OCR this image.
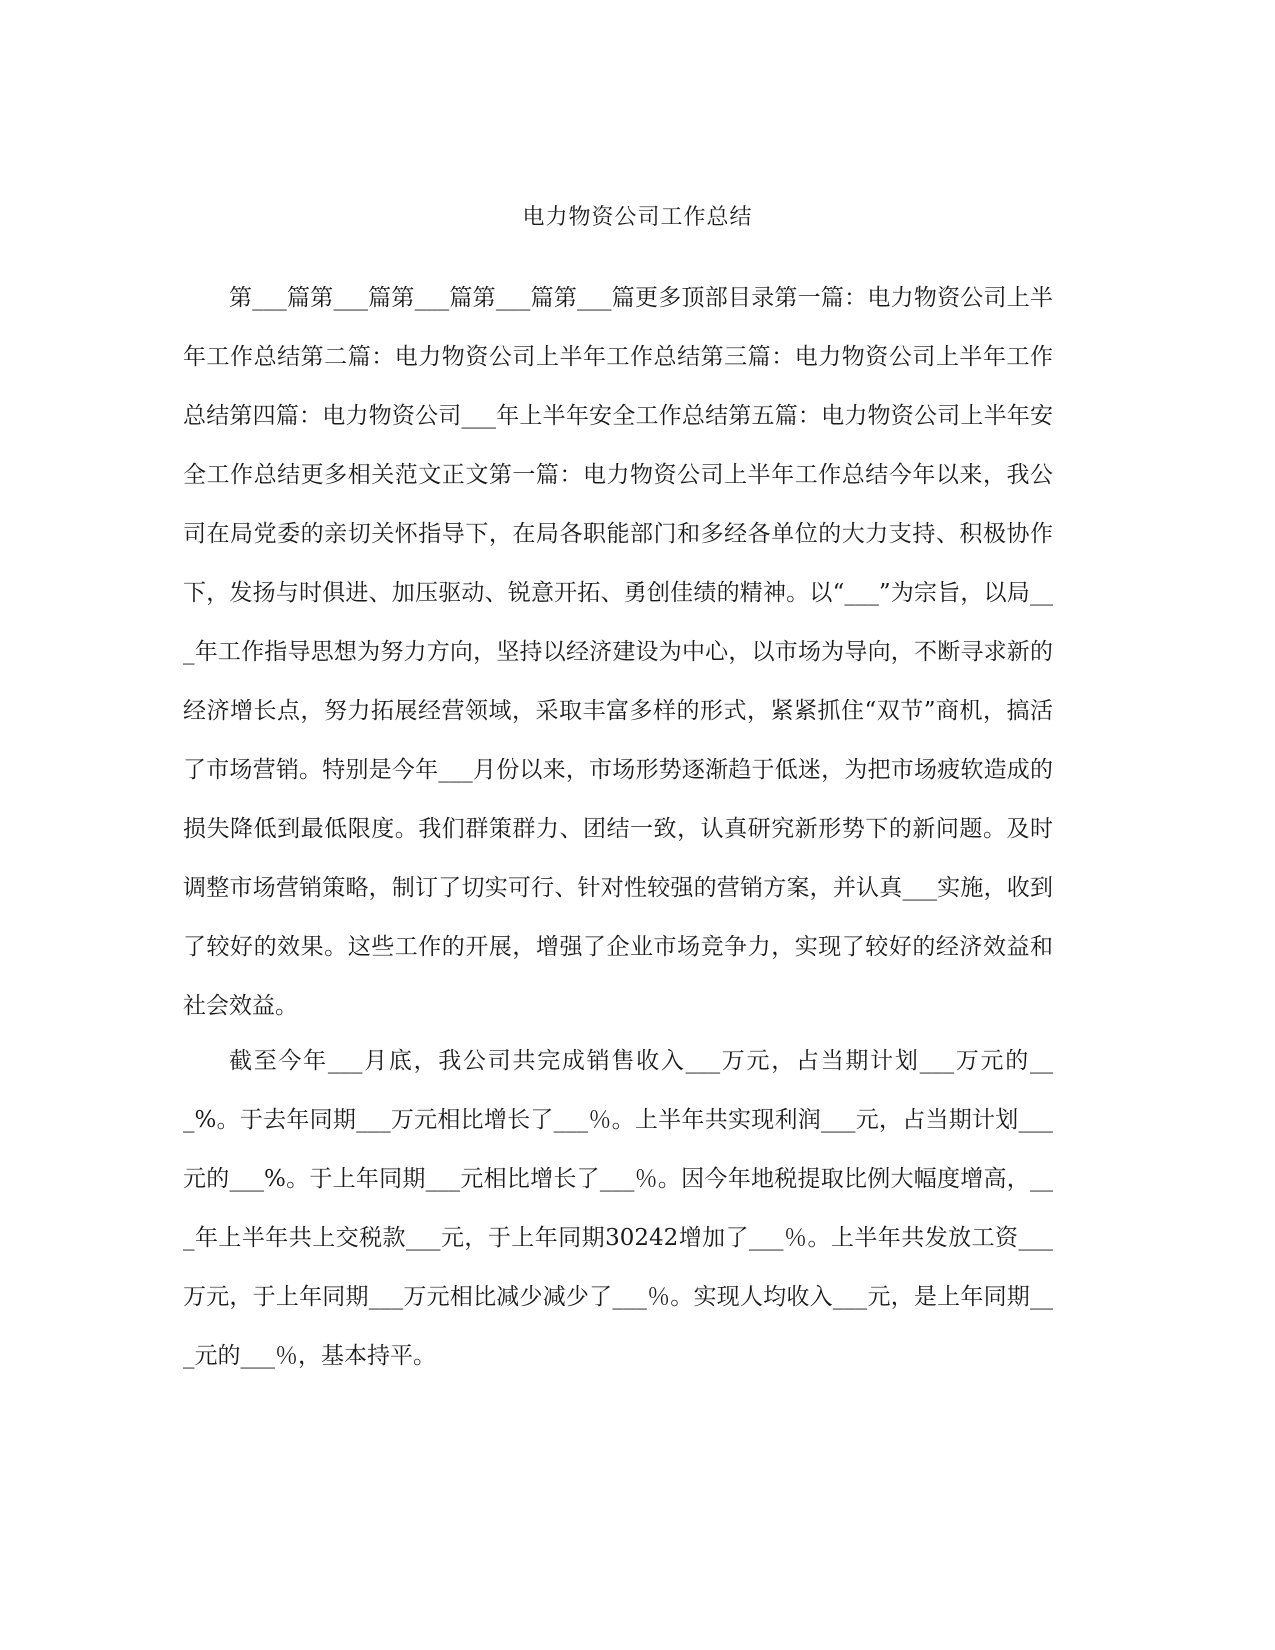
电力物资公司工作总结

第___篇第___篇第___篇第___篇第___篇更多顶部目录第一篇：电力物资公司上半年工作总结第二篇：电力物资公司上半年工作总结第三篇：电力物资公司上半年工作总结第四篇：电力物资公司___年上半年安全工作总结第五篇：电力物资公司上半年安全工作总结更多相关范文正文第一篇：电力物资公司上半年工作总结今年以来，我公司在局党委的亲切关怀指导下，在局各职能部门和多经各单位的大力支持、积极协作下，发扬与时俱进、加压驱动、锐意开拓、勇创佳绩的精神。以“___”为宗旨，以局___年工作指导思想为努力方向，坚持以经济建设为中心，以市场为导向，不断寻求新的经济增长点，努力拓展经营领域，采取丰富多样的形式，紧紧抓住“双节”商机，搞活了市场营销。特别是今年___月份以来，市场形势逐渐趋于低迷，为把市场疲软造成的损失降低到最低限度。我们群策群力、团结一致，认真研究新形势下的新问题。及时调整市场营销策略，制订了切实可行、针对性较强的营销方案，并认真___实施，收到了较好的效果。这些工作的开展，增强了企业市场竞争力，实现了较好的经济效益和社会效益。

截至今年___月底，我公司共完成销售收入___万元，占当期计划___万元的___%。于去年同期___万元相比增长了___％。上半年共实现利润___元，占当期计划___元的___%。于上年同期___元相比增长了___％。因今年地税提取比例大幅度增高，___年上半年共上交税款___元，于上年同期30242增加了___％。上半年共发放工资___万元，于上年同期___万元相比减少减少了___％。实现人均收入___元，是上年同期___元的___％，基本持平。
